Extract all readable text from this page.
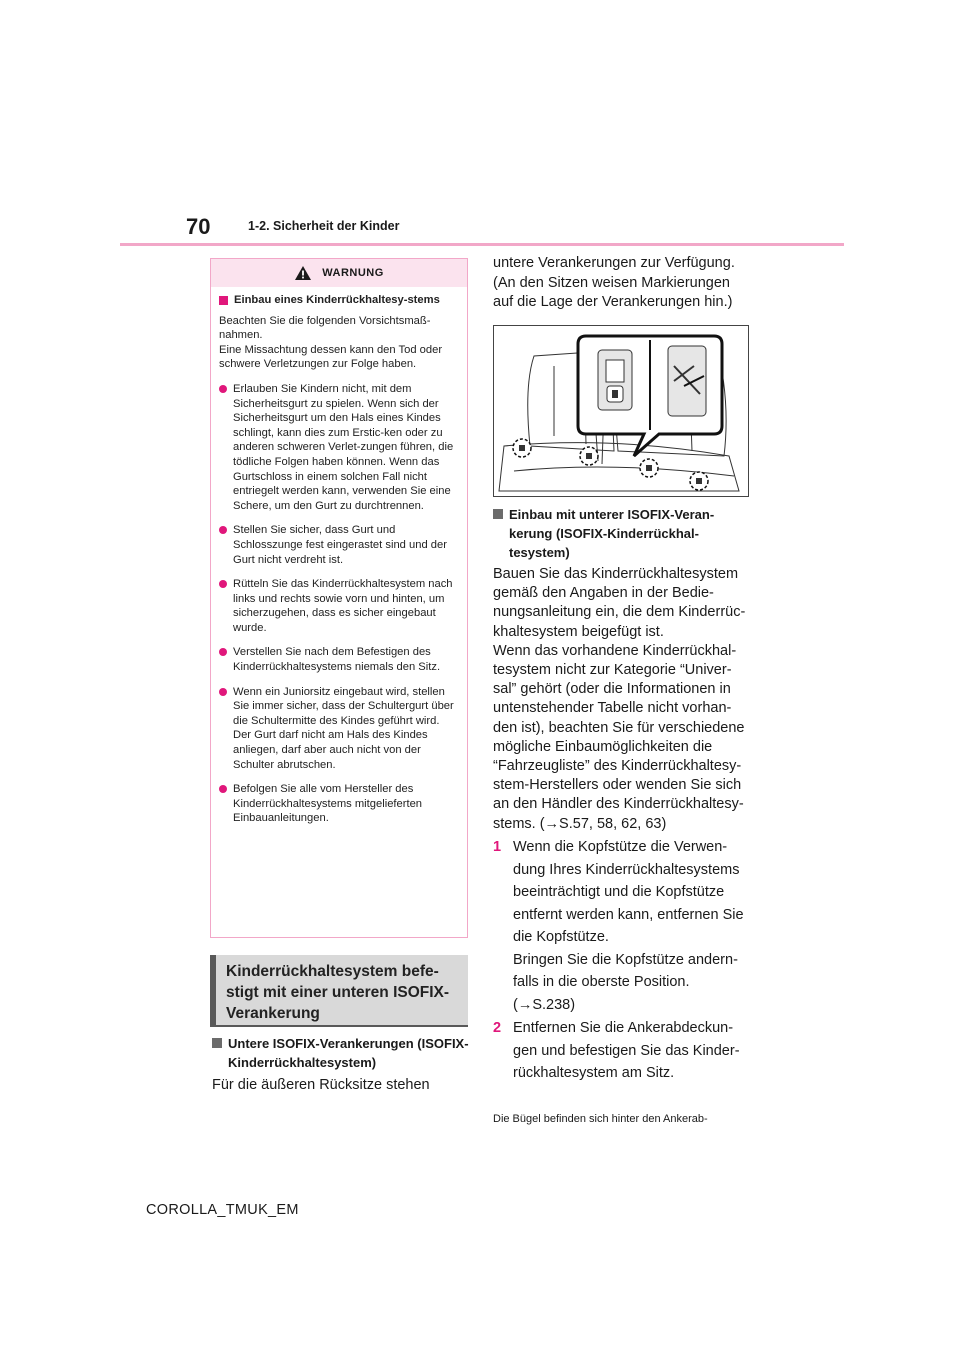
70	1-2. Sicherheit der Kinder
WARNUNG
Einbau eines Kinderrückhaltesy-stems
Beachten Sie die folgenden Vorsichtsmaß-nahmen.
Eine Missachtung dessen kann den Tod oder schwere Verletzungen zur Folge haben.
Erlauben Sie Kindern nicht, mit dem Sicherheitsgurt zu spielen. Wenn sich der Sicherheitsgurt um den Hals eines Kindes schlingt, kann dies zum Erstic-ken oder zu anderen schweren Verlet-zungen führen, die tödliche Folgen haben können. Wenn das Gurtschloss in einem solchen Fall nicht entriegelt werden kann, verwenden Sie eine Schere, um den Gurt zu durchtrennen.
Stellen Sie sicher, dass Gurt und Schlosszunge fest eingerastet sind und der Gurt nicht verdreht ist.
Rütteln Sie das Kinderrückhaltesystem nach links und rechts sowie vorn und hinten, um sicherzugehen, dass es sicher eingebaut wurde.
Verstellen Sie nach dem Befestigen des Kinderrückhaltesystems niemals den Sitz.
Wenn ein Juniorsitz eingebaut wird, stellen Sie immer sicher, dass der Schultergurt über die Schultermitte des Kindes geführt wird. Der Gurt darf nicht am Hals des Kindes anliegen, darf aber auch nicht von der Schulter abrutschen.
Befolgen Sie alle vom Hersteller des Kinderrückhaltesystems mitgelieferten Einbauanleitungen.
Kinderrückhaltesystem befe-stigt mit einer unteren ISOFIX-Verankerung
Untere ISOFIX-Verankerungen (ISOFIX-Kinderrückhaltesystem)
Für die äußeren Rücksitze stehen
untere Verankerungen zur Verfügung. (An den Sitzen weisen Markierungen auf die Lage der Verankerungen hin.)
Einbau mit unterer ISOFIX-Veran-kerung (ISOFIX-Kinderrückhal-tesystem)
Bauen Sie das Kinderrückhaltesystem gemäß den Angaben in der Bedie-nungsanleitung ein, die dem Kinderrüc-khaltesystem beigefügt ist.
Wenn das vorhandene Kinderrückhal-tesystem nicht zur Kategorie “Univer-sal” gehört (oder die Informationen in untenstehender Tabelle nicht vorhan-den ist), beachten Sie für verschiedene mögliche Einbaumöglichkeiten die “Fahrzeugliste” des Kinderrückhaltesy-stem-Herstellers oder wenden Sie sich an den Händler des Kinderrückhaltesy-stems. (→S.57, 58, 62, 63)
1 Wenn die Kopfstütze die Verwen-dung Ihres Kinderrückhaltesystems beeinträchtigt und die Kopfstütze entfernt werden kann, entfernen Sie die Kopfstütze.
Bringen Sie die Kopfstütze andern-falls in die oberste Position.
(→S.238)
2 Entfernen Sie die Ankerabdeckun-gen und befestigen Sie das Kinder-rückhaltesystem am Sitz.
Die Bügel befinden sich hinter den Ankerab-
COROLLA_TMUK_EM
